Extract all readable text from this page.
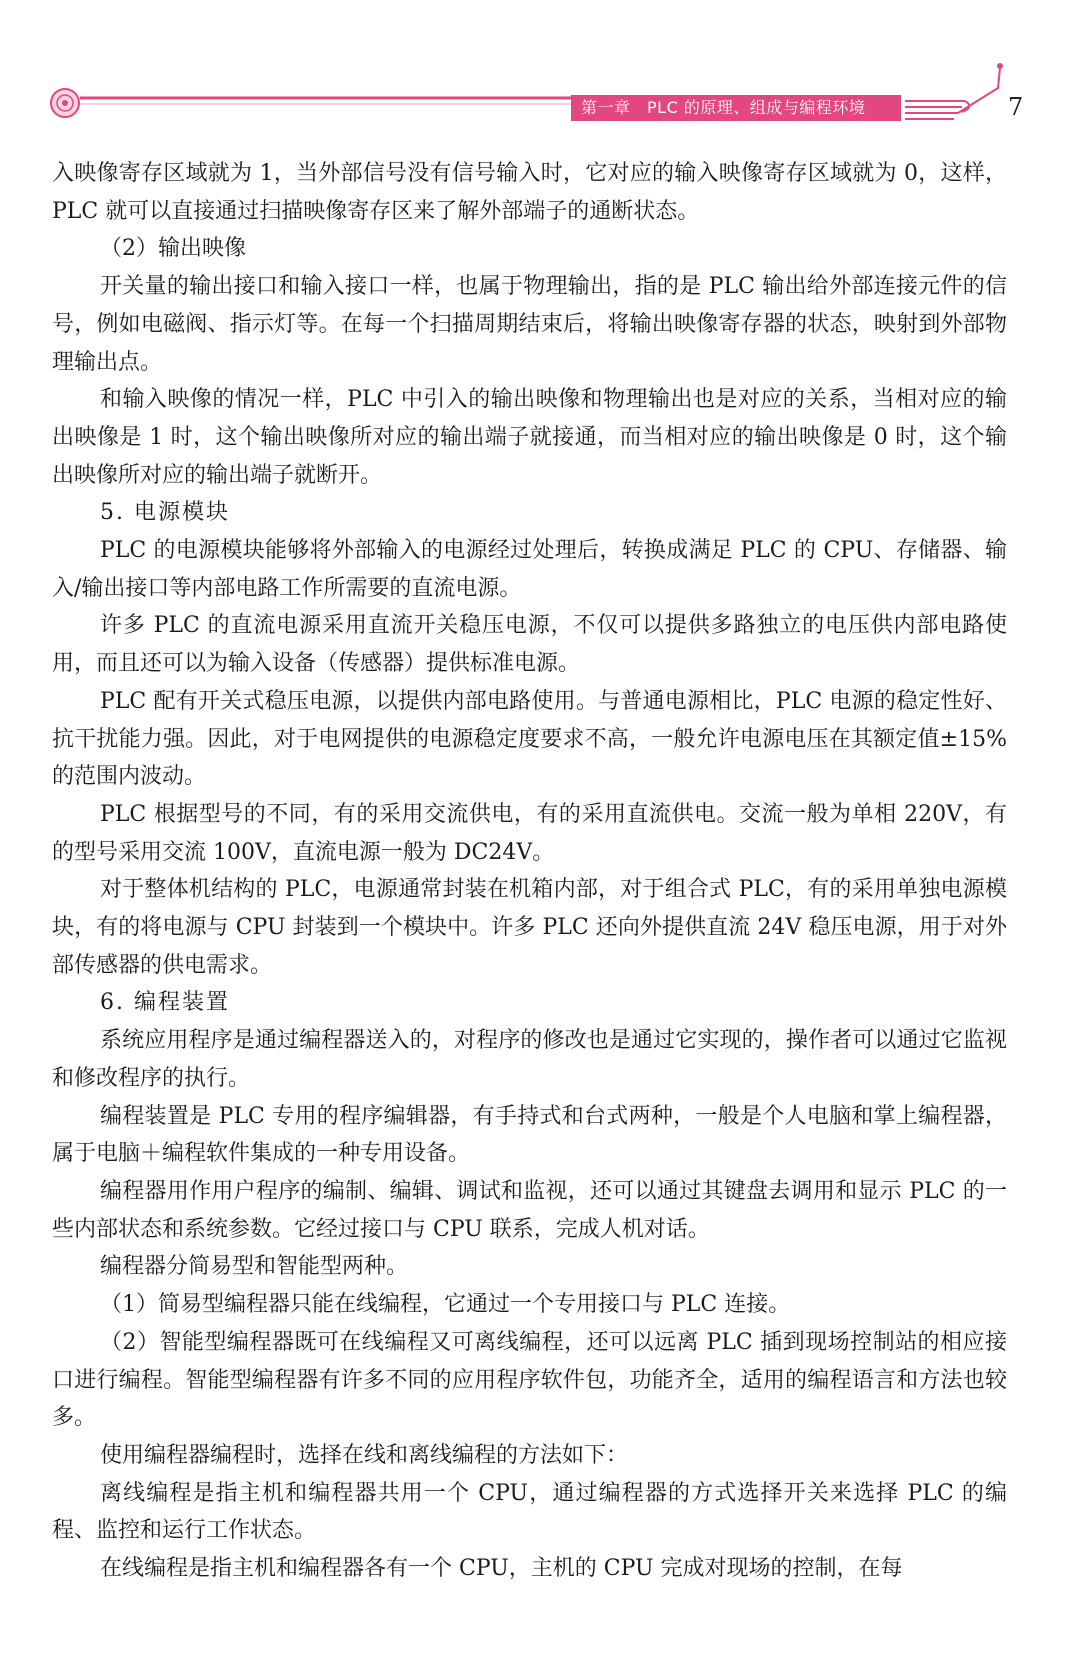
第一章　PLC 的原理、组成与编程环境	7

入映像寄存区域就为 1，当外部信号没有信号输入时，它对应的输入映像寄存区域就为 0，这样，PLC 就可以直接通过扫描映像寄存区来了解外部端子的通断状态。

（2）输出映像

开关量的输出接口和输入接口一样，也属于物理输出，指的是 PLC 输出给外部连接元件的信号，例如电磁阀、指示灯等。在每一个扫描周期结束后，将输出映像寄存器的状态，映射到外部物理输出点。

和输入映像的情况一样，PLC 中引入的输出映像和物理输出也是对应的关系，当相对应的输出映像是 1 时，这个输出映像所对应的输出端子就接通，而当相对应的输出映像是 0 时，这个输出映像所对应的输出端子就断开。

5. 电源模块

PLC 的电源模块能够将外部输入的电源经过处理后，转换成满足 PLC 的 CPU、存储器、输入/输出接口等内部电路工作所需要的直流电源。

许多 PLC 的直流电源采用直流开关稳压电源，不仅可以提供多路独立的电压供内部电路使用，而且还可以为输入设备（传感器）提供标准电源。

PLC 配有开关式稳压电源，以提供内部电路使用。与普通电源相比，PLC 电源的稳定性好、抗干扰能力强。因此，对于电网提供的电源稳定度要求不高，一般允许电源电压在其额定值±15%的范围内波动。

PLC 根据型号的不同，有的采用交流供电，有的采用直流供电。交流一般为单相 220V，有的型号采用交流 100V，直流电源一般为 DC24V。

对于整体机结构的 PLC，电源通常封装在机箱内部，对于组合式 PLC，有的采用单独电源模块，有的将电源与 CPU 封装到一个模块中。许多 PLC 还向外提供直流 24V 稳压电源，用于对外部传感器的供电需求。

6. 编程装置

系统应用程序是通过编程器送入的，对程序的修改也是通过它实现的，操作者可以通过它监视和修改程序的执行。

编程装置是 PLC 专用的程序编辑器，有手持式和台式两种，一般是个人电脑和掌上编程器，属于电脑＋编程软件集成的一种专用设备。

编程器用作用户程序的编制、编辑、调试和监视，还可以通过其键盘去调用和显示 PLC 的一些内部状态和系统参数。它经过接口与 CPU 联系，完成人机对话。

编程器分简易型和智能型两种。

（1）简易型编程器只能在线编程，它通过一个专用接口与 PLC 连接。

（2）智能型编程器既可在线编程又可离线编程，还可以远离 PLC 插到现场控制站的相应接口进行编程。智能型编程器有许多不同的应用程序软件包，功能齐全，适用的编程语言和方法也较多。

使用编程器编程时，选择在线和离线编程的方法如下：

离线编程是指主机和编程器共用一个 CPU，通过编程器的方式选择开关来选择 PLC 的编程、监控和运行工作状态。

在线编程是指主机和编程器各有一个 CPU，主机的 CPU 完成对现场的控制，在每
